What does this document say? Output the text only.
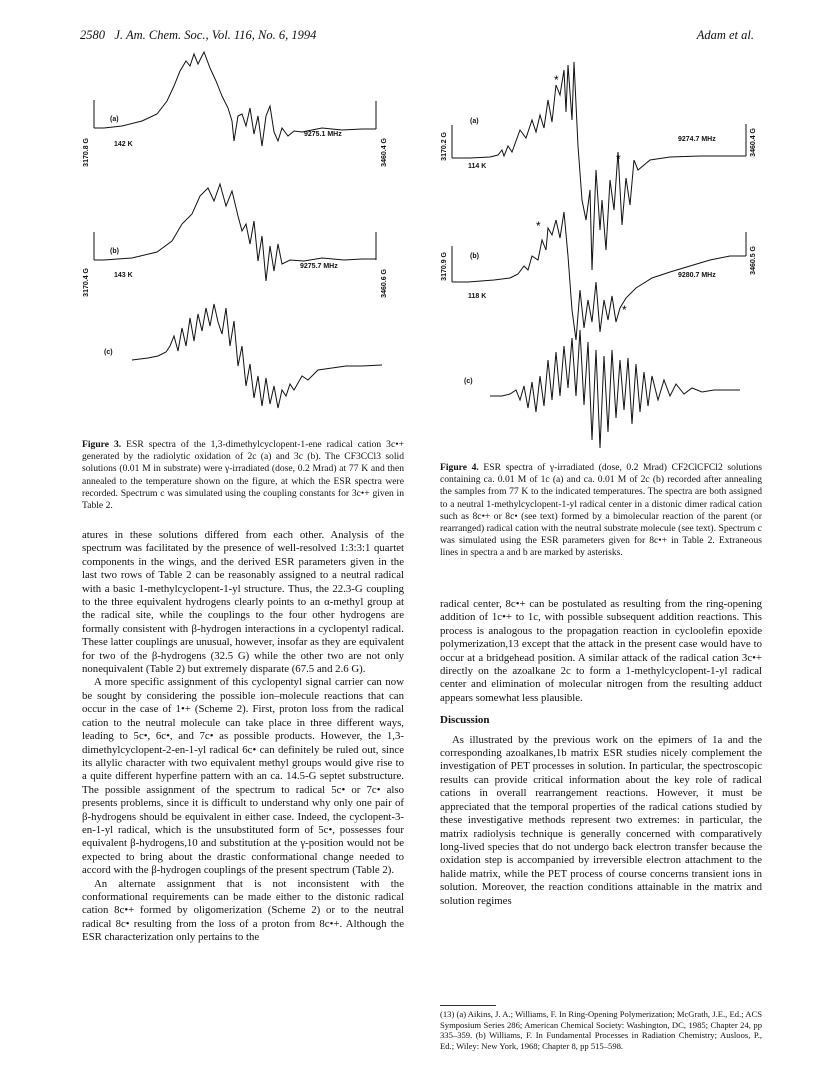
2580 J. Am. Chem. Soc., Vol. 116, No. 6, 1994	Adam et al.
3170.8 G
(a)
142 K
9275.1 MHz
3460.4 G
3170.4 G
(b)
143 K
9275.7 MHz
3460.6 G
(c)
Figure 3. ESR spectra of the 1,3-dimethylcyclopent-1-ene radical cation 3c•+ generated by the radiolytic oxidation of 2c (a) and 3c (b). The CF3CCl3 solid solutions (0.01 M in substrate) were γ-irradiated (dose, 0.2 Mrad) at 77 K and then annealed to the temperature shown on the figure, at which the ESR spectra were recorded. Spectrum c was simulated using the coupling constants for 3c•+ given in Table 2.

atures in these solutions differed from each other. Analysis of the spectrum was facilitated by the presence of well-resolved 1:3:3:1 quartet components in the wings, and the derived ESR parameters given in the last two rows of Table 2 can be reasonably assigned to a neutral radical with a basic 1-methylcyclopent-1-yl structure. Thus, the 22.3-G coupling to the three equivalent hydrogens clearly points to an α-methyl group at the radical site, while the couplings to the four other hydrogens are formally consistent with β-hydrogen interactions in a cyclopentyl radical. These latter couplings are unusual, however, insofar as they are equivalent for two of the β-hydrogens (32.5 G) while the other two are not only nonequivalent (Table 2) but extremely disparate (67.5 and 2.6 G).

A more specific assignment of this cyclopentyl signal carrier can now be sought by considering the possible ion–molecule reactions that can occur in the case of 1•+ (Scheme 2). First, proton loss from the radical cation to the neutral molecule can take place in three different ways, leading to 5c•, 6c•, and 7c• as possible products. However, the 1,3-dimethylcyclopent-2-en-1-yl radical 6c• can definitely be ruled out, since its allylic character with two equivalent methyl groups would give rise to a quite different hyperfine pattern with an ca. 14.5-G septet substructure. The possible assignment of the spectrum to radical 5c• or 7c• also presents problems, since it is difficult to understand why only one pair of β-hydrogens should be equivalent in either case. Indeed, the cyclopent-3-en-1-yl radical, which is the unsubstituted form of 5c•, possesses four equivalent β-hydrogens,10 and substitution at the γ-position would not be expected to bring about the drastic conformational change needed to accord with the β-hydrogen couplings of the present spectrum (Table 2).

An alternate assignment that is not inconsistent with the conformational requirements can be made either to the distonic radical cation 8c•+ formed by oligomerization (Scheme 2) or to the neutral radical 8c• resulting from the loss of a proton from 8c•+. Although the ESR characterization only pertains to the

*
*
*
*
3170.2 G
(a)
114 K
9274.7 MHz	3460.4 G
3170.9 G	(b)
118 K
9280.7 MHz
3460.5 G
(c)
Figure 4. ESR spectra of γ-irradiated (dose, 0.2 Mrad) CF2ClCFCl2 solutions containing ca. 0.01 M of 1c (a) and ca. 0.01 M of 2c (b) recorded after annealing the samples from 77 K to the indicated temperatures. The spectra are both assigned to a neutral 1-methylcyclopent-1-yl radical center in a distonic dimer radical cation such as 8c•+ or 8c• (see text) formed by a bimolecular reaction of the parent (or rearranged) radical cation with the neutral substrate molecule (see text). Spectrum c was simulated using the ESR parameters given for 8c•+ in Table 2. Extraneous lines in spectra a and b are marked by asterisks.

radical center, 8c•+ can be postulated as resulting from the ring-opening addition of 1c•+ to 1c, with possible subsequent addition reactions. This process is analogous to the propagation reaction in cycloolefin epoxide polymerization,13 except that the attack in the present case would have to occur at a bridgehead position. A similar attack of the radical cation 3c•+ directly on the azoalkane 2c to form a 1-methylcyclopent-1-yl radical center and elimination of molecular nitrogen from the resulting adduct appears somewhat less plausible.

Discussion

As illustrated by the previous work on the epimers of 1a and the corresponding azoalkanes,1b matrix ESR studies nicely complement the investigation of PET processes in solution. In particular, the spectroscopic results can provide critical information about the key role of radical cations in overall rearrangement reactions. However, it must be appreciated that the temporal properties of the radical cations studied by these investigative methods represent two extremes: in particular, the matrix radiolysis technique is generally concerned with comparatively long-lived species that do not undergo back electron transfer because the oxidation step is accompanied by irreversible electron attachment to the halide matrix, while the PET process of course concerns transient ions in solution. Moreover, the reaction conditions attainable in the matrix and solution regimes

(13) (a) Aikins, J. A.; Williams, F. In Ring-Opening Polymerization; McGrath, J.E., Ed.; ACS Symposium Series 286; American Chemical Society: Washington, DC, 1985; Chapter 24, pp 335–359. (b) Williams, F. In Fundamental Processes in Radiation Chemistry; Ausloos, P., Ed.; Wiley: New York, 1968; Chapter 8, pp 515–598.
